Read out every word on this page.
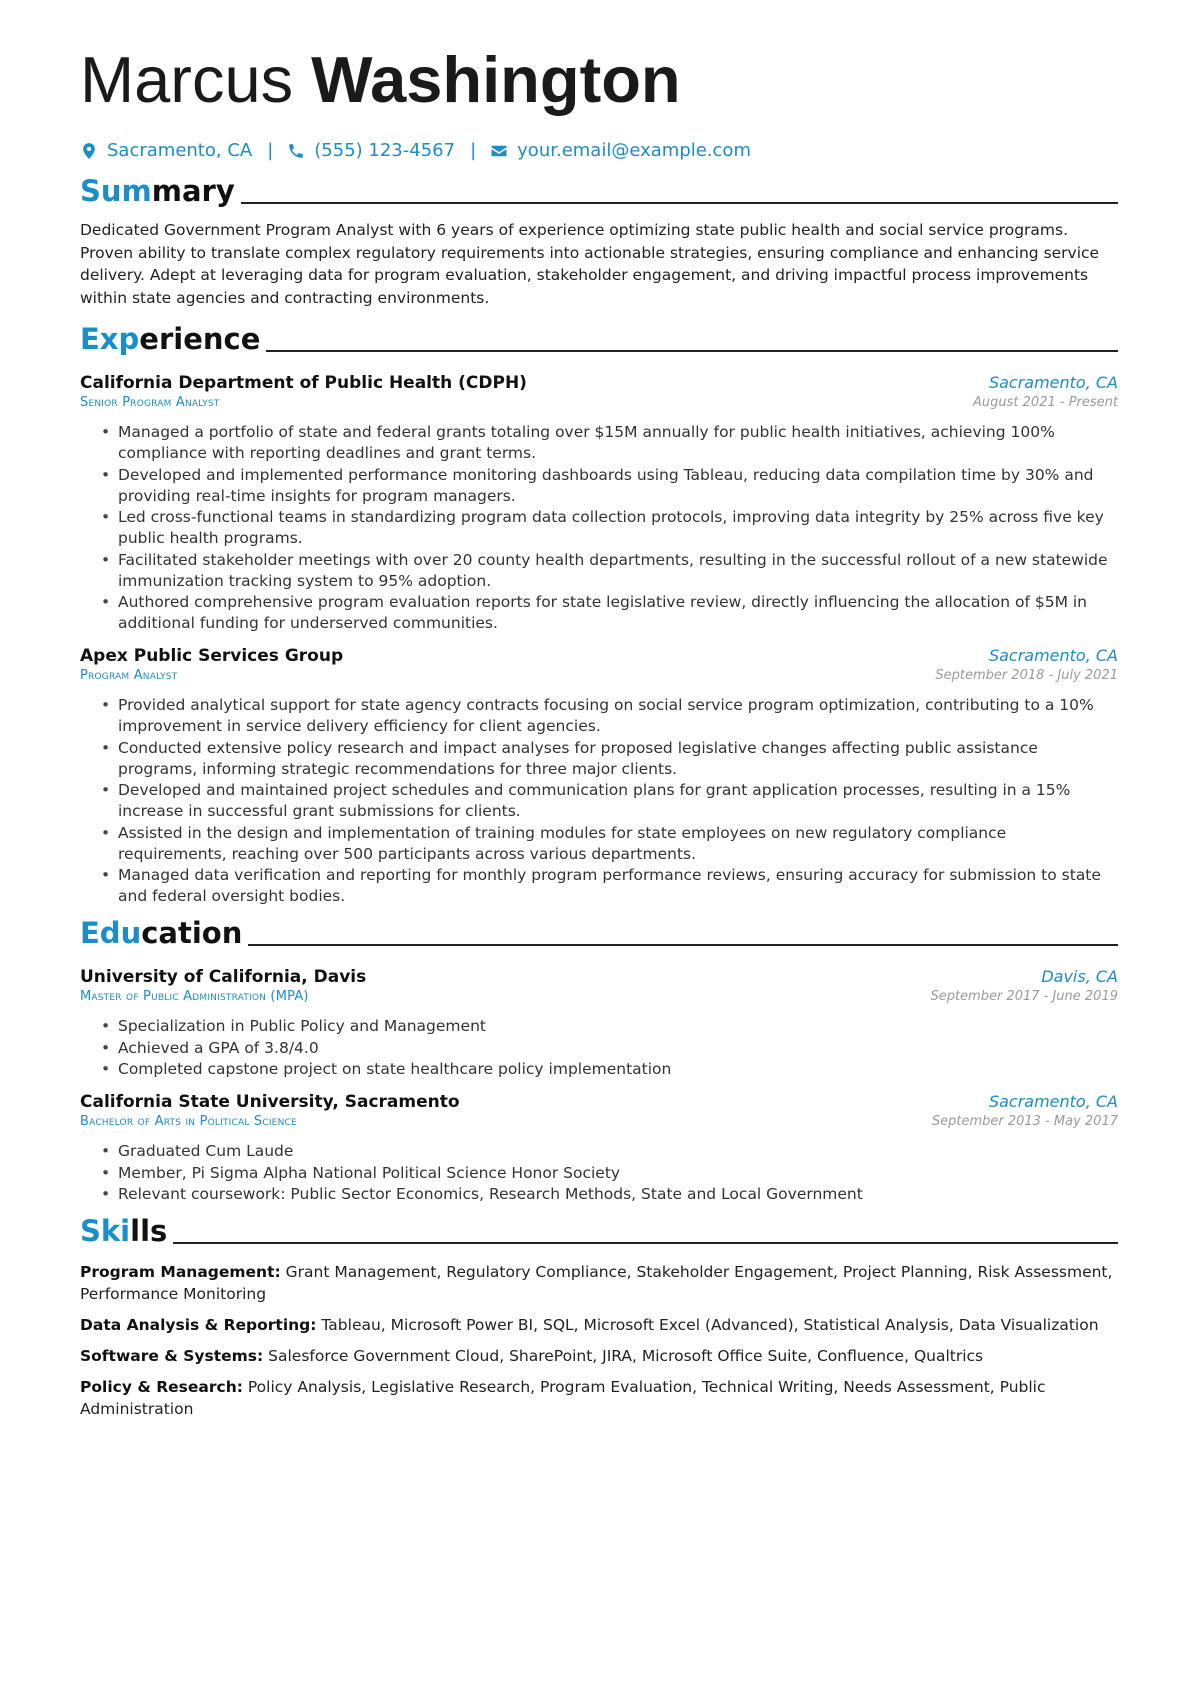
Marcus Washington
Sacramento, CA | (555) 123-4567 | your.email@example.com
Summary
Dedicated Government Program Analyst with 6 years of experience optimizing state public health and social service programs. Proven ability to translate complex regulatory requirements into actionable strategies, ensuring compliance and enhancing service delivery. Adept at leveraging data for program evaluation, stakeholder engagement, and driving impactful process improvements within state agencies and contracting environments.
Experience
California Department of Public Health (CDPH)	Sacramento, CA
Senior Program Analyst	August 2021 - Present
• Managed a portfolio of state and federal grants totaling over $15M annually for public health initiatives, achieving 100% compliance with reporting deadlines and grant terms.
• Developed and implemented performance monitoring dashboards using Tableau, reducing data compilation time by 30% and providing real-time insights for program managers.
• Led cross-functional teams in standardizing program data collection protocols, improving data integrity by 25% across five key public health programs.
• Facilitated stakeholder meetings with over 20 county health departments, resulting in the successful rollout of a new statewide immunization tracking system to 95% adoption.
• Authored comprehensive program evaluation reports for state legislative review, directly influencing the allocation of $5M in additional funding for underserved communities.
Apex Public Services Group	Sacramento, CA
Program Analyst	September 2018 - July 2021
• Provided analytical support for state agency contracts focusing on social service program optimization, contributing to a 10% improvement in service delivery efficiency for client agencies.
• Conducted extensive policy research and impact analyses for proposed legislative changes affecting public assistance programs, informing strategic recommendations for three major clients.
• Developed and maintained project schedules and communication plans for grant application processes, resulting in a 15% increase in successful grant submissions for clients.
• Assisted in the design and implementation of training modules for state employees on new regulatory compliance requirements, reaching over 500 participants across various departments.
• Managed data verification and reporting for monthly program performance reviews, ensuring accuracy for submission to state and federal oversight bodies.
Education
University of California, Davis	Davis, CA
Master of Public Administration (MPA)	September 2017 - June 2019
• Specialization in Public Policy and Management
• Achieved a GPA of 3.8/4.0
• Completed capstone project on state healthcare policy implementation
California State University, Sacramento	Sacramento, CA
Bachelor of Arts in Political Science	September 2013 - May 2017
• Graduated Cum Laude
• Member, Pi Sigma Alpha National Political Science Honor Society
• Relevant coursework: Public Sector Economics, Research Methods, State and Local Government
Skills
Program Management: Grant Management, Regulatory Compliance, Stakeholder Engagement, Project Planning, Risk Assessment, Performance Monitoring
Data Analysis & Reporting: Tableau, Microsoft Power BI, SQL, Microsoft Excel (Advanced), Statistical Analysis, Data Visualization
Software & Systems: Salesforce Government Cloud, SharePoint, JIRA, Microsoft Office Suite, Confluence, Qualtrics
Policy & Research: Policy Analysis, Legislative Research, Program Evaluation, Technical Writing, Needs Assessment, Public Administration
